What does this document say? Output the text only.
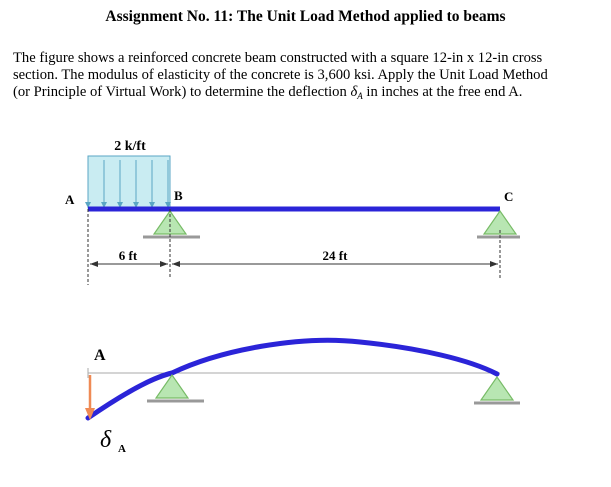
Assignment No. 11: The Unit Load Method applied to beams

The figure shows a reinforced concrete beam constructed with a square 12-in x 12-in cross

section. The modulus of elasticity of the concrete is 3,600 ksi. Apply the Unit Load Method

(or Principle of Virtual Work) to determine the deflection $\delta_A$ in inches at the free end A.

2 k/ft
A	B	C
6 ft	24 ft
A
δ A
